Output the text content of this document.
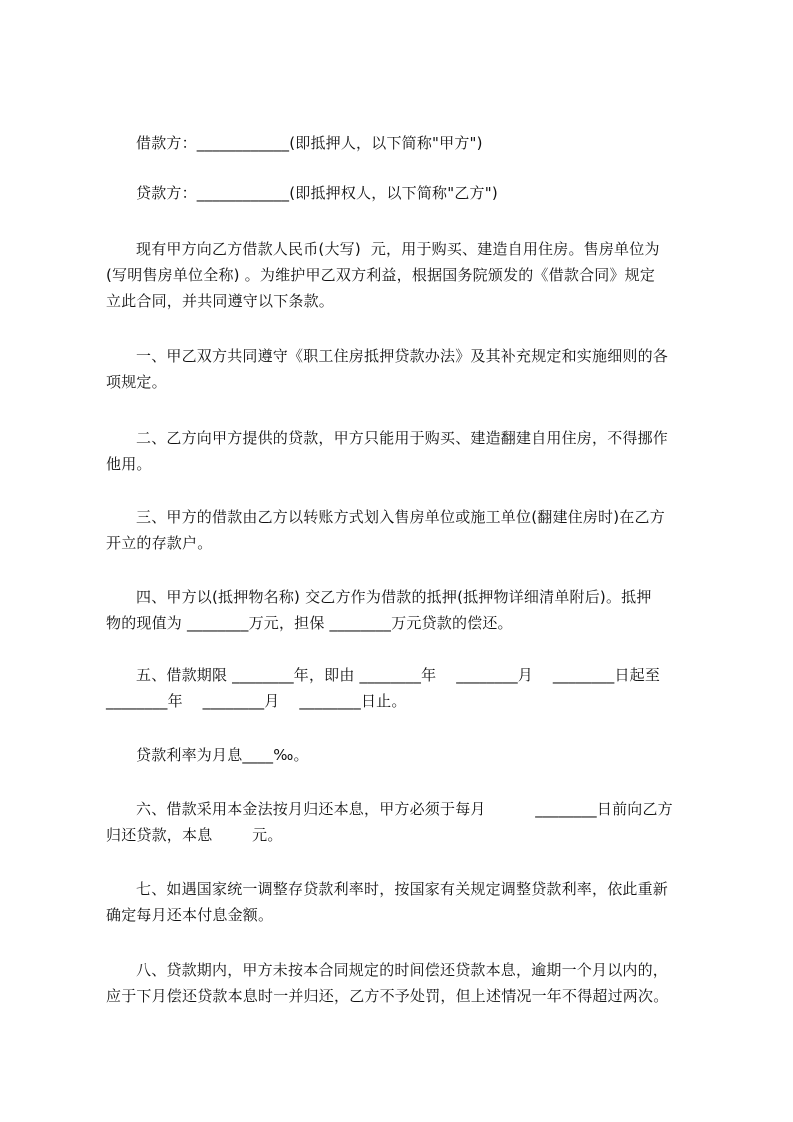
借款方：____________(即抵押人，以下简称"甲方")
贷款方：____________(即抵押权人，以下简称"乙方")
现有甲方向乙方借款人民币(大写)  元，用于购买、建造自用住房。售房单位为
(写明售房单位全称) 。为维护甲乙双方利益，根据国务院颁发的《借款合同》规定
立此合同，并共同遵守以下条款。
一、甲乙双方共同遵守《职工住房抵押贷款办法》及其补充规定和实施细则的各
项规定。
二、乙方向甲方提供的贷款，甲方只能用于购买、建造翻建自用住房，不得挪作
他用。
三、甲方的借款由乙方以转账方式划入售房单位或施工单位(翻建住房时)在乙方
开立的存款户。
四、甲方以(抵押物名称) 交乙方作为借款的抵押(抵押物详细清单附后)。抵押
物的现值为 ________万元，担保 ________万元贷款的偿还。
五、借款期限 ________年，即由 ________年    ________月    ________日起至
________年    ________月    ________日止。
贷款利率为月息____‰。
六、借款采用本金法按月归还本息，甲方必须于每月          ________日前向乙方
归还贷款，本息        元。
七、如遇国家统一调整存贷款利率时，按国家有关规定调整贷款利率，依此重新
确定每月还本付息金额。
八、贷款期内，甲方未按本合同规定的时间偿还贷款本息，逾期一个月以内的，
应于下月偿还贷款本息时一并归还，乙方不予处罚，但上述情况一年不得超过两次。
